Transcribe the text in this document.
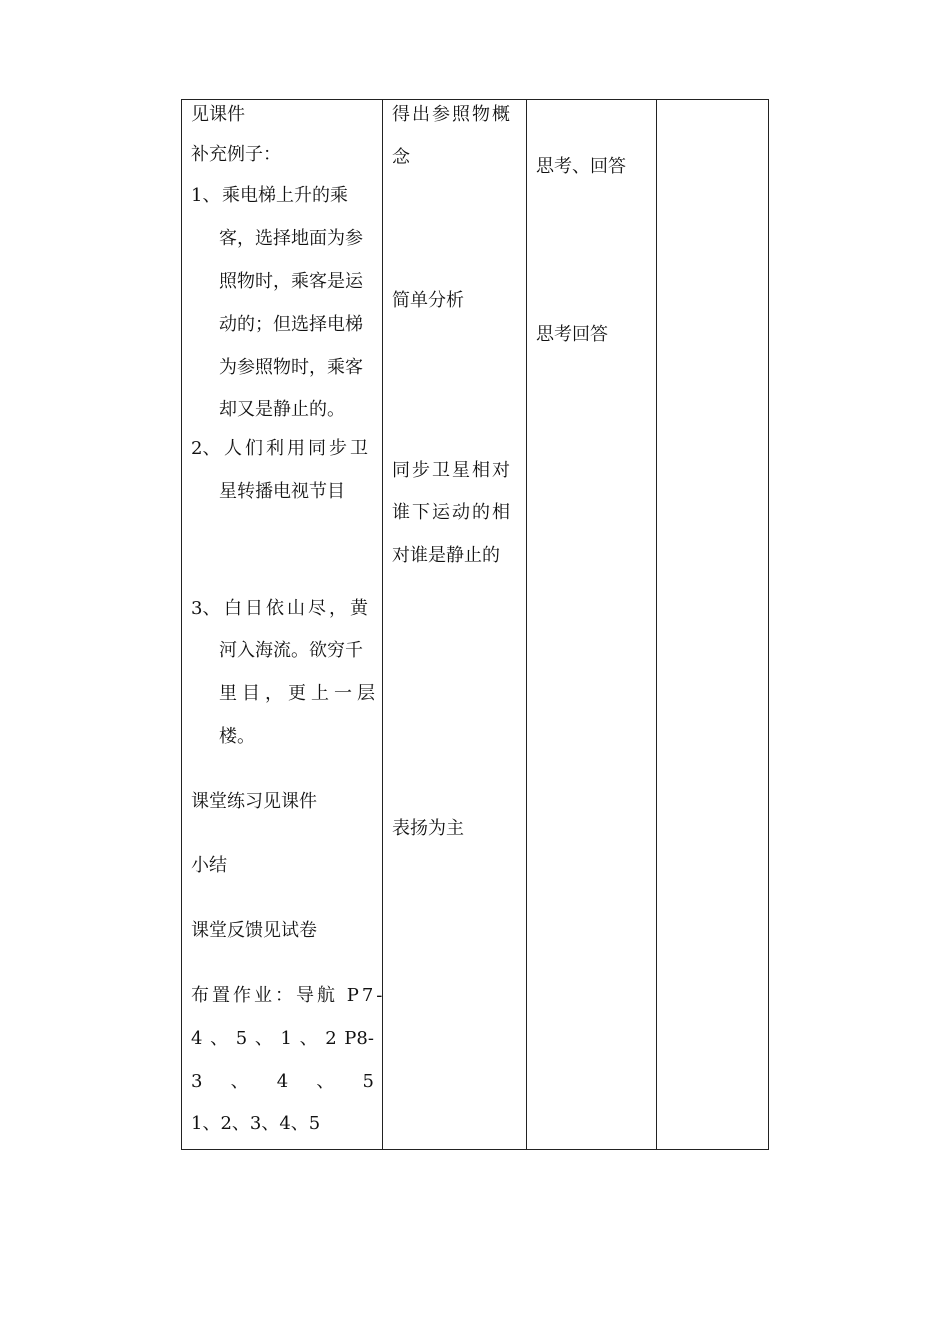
见课件
补充例子：
1、 乘电梯上升的乘
客，选择地面为参
照物时，乘客是运
动的；但选择电梯
为参照物时，乘客
却又是静止的。
2、 人们利用同步卫
星转播电视节目
3、 白日依山尽，黄
河入海流。欲穷千
里目，更上一层
楼。
课堂练习见课件
小结
课堂反馈见试卷
布置作业：导航 P7-
4 、 5 、 1 、 2 P8-
3 、 4 、 5
1、2、3、4、5
得出参照物概
念
简单分析
同步卫星相对
谁下运动的相
对谁是静止的
表扬为主
思考、回答
思考回答
